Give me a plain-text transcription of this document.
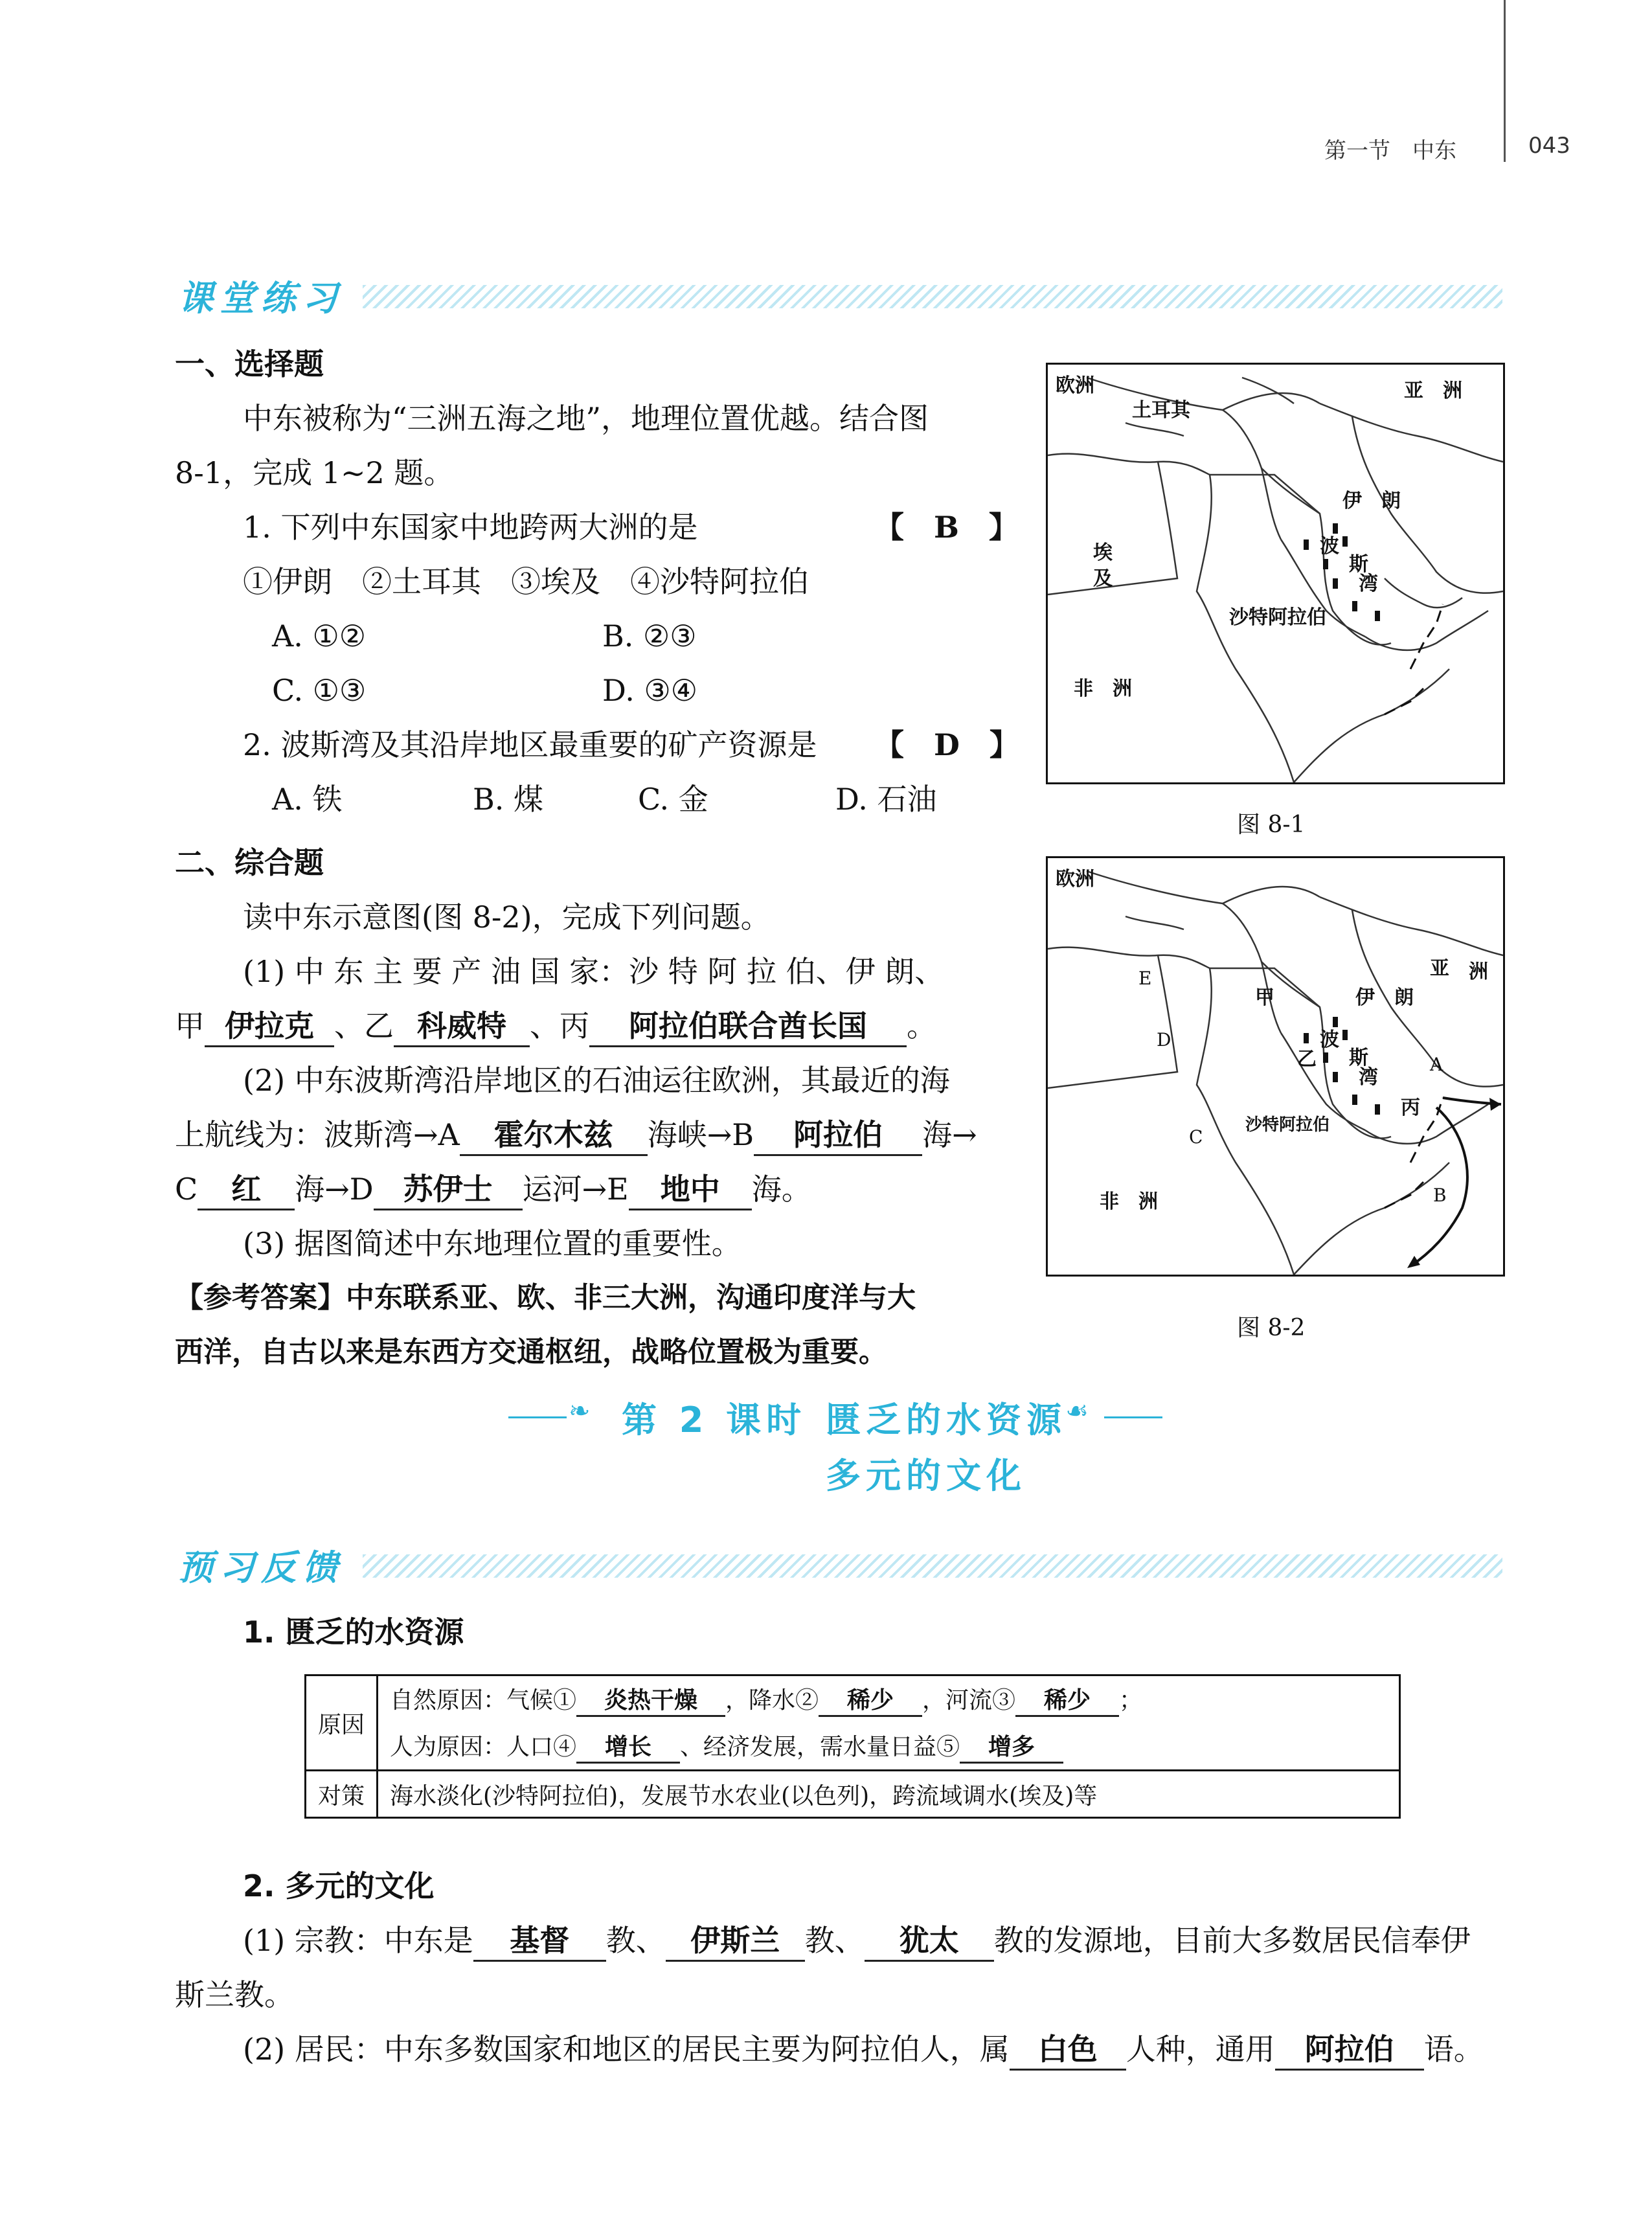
第一节　中东	043
课堂练习
一、选择题
中东被称为“三洲五海之地”，地理位置优越。结合图
8-1，完成 1~2 题。
1. 下列中东国家中地跨两大洲的是	【　B　】
①伊朗　②土耳其　③埃及　④沙特阿拉伯
A. ①②	B. ②③
C. ①③	D. ③④
2. 波斯湾及其沿岸地区最重要的矿产资源是 【　D　】
A. 铁	B. 煤	C. 金	D. 石油
二、综合题
读中东示意图(图 8-2)，完成下列问题。
(1) 中 东 主 要 产 油 国 家：沙 特 阿 拉 伯、伊 朗、
甲 伊拉克 、乙 科威特 、丙 阿拉伯联合酋长国 。
(2) 中东波斯湾沿岸地区的石油运往欧洲，其最近的海
上航线为：波斯湾→A 霍尔木兹 海峡→B 阿拉伯 海→
C 红 海→D 苏伊士 运河→E 地中 海。
(3) 据图简述中东地理位置的重要性。
【参考答案】中东联系亚、欧、非三大洲，沟通印度洋与大
西洋，自古以来是东西方交通枢纽，战略位置极为重要。
欧洲
土耳其
亚　洲
伊　朗
埃
及
波
斯
湾
沙特阿拉伯
非　洲
图 8-1
欧洲
亚 洲
伊　朗
甲
乙
丙
波
斯
湾
沙特阿拉伯
非　洲
A
B
C
D
E
图 8-2
❧ 第 2 课时 匮乏的水资源
☙
多元的文化
预习反馈
1. 匮乏的水资源
原因	自然原因：气候① 炎热干燥 ，降水② 稀少 ，河流③ 稀少 ；
	人为原因：人口④ 增长 、经济发展，需水量日益⑤ 增多
对策	海水淡化(沙特阿拉伯)，发展节水农业(以色列)，跨流域调水(埃及)等
2. 多元的文化
(1) 宗教：中东是 基督 教、 伊斯兰 教、 犹太 教的发源地，目前大多数居民信奉伊
斯兰教。
(2) 居民：中东多数国家和地区的居民主要为阿拉伯人，属 白色 人种，通用 阿拉伯 语。
